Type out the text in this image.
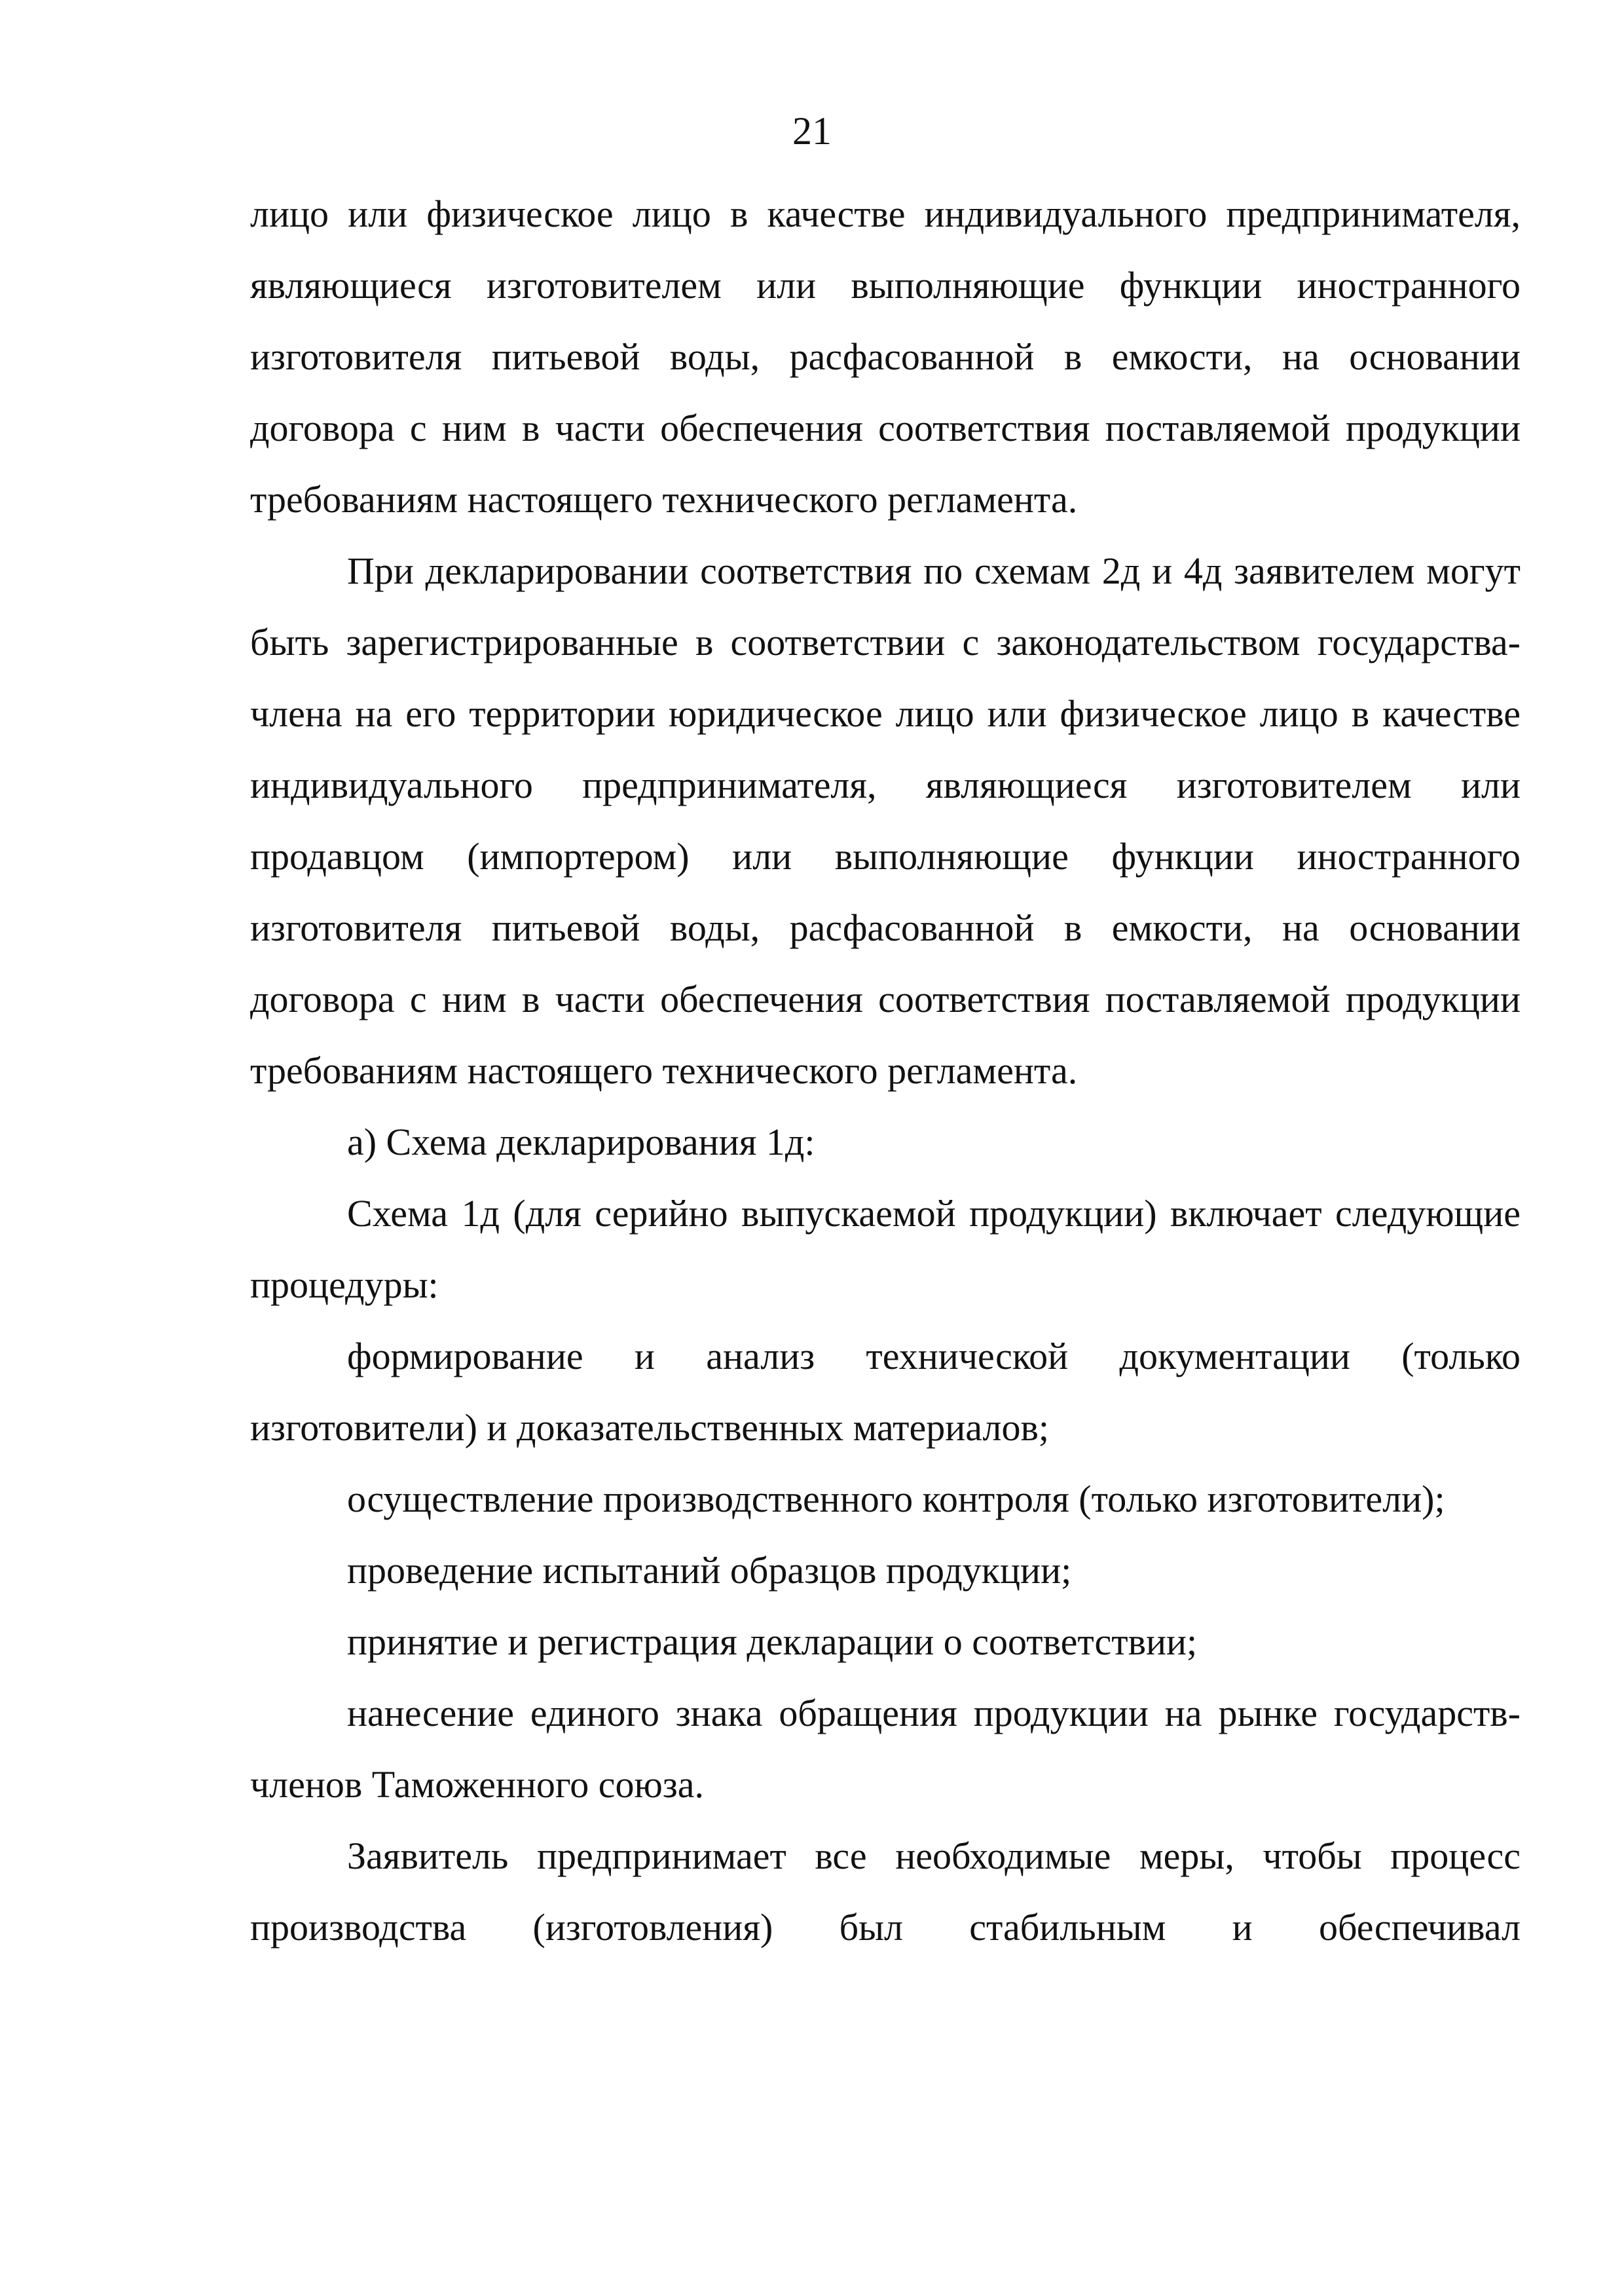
21

лицо или физическое лицо в качестве индивидуального предпринимателя, являющиеся изготовителем или выполняющие функции иностранного изготовителя питьевой воды, расфасованной в емкости, на основании договора с ним в части обеспечения соответствия поставляемой продукции требованиям настоящего технического регламента.

При декларировании соответствия по схемам 2д и 4д заявителем могут быть зарегистрированные в соответствии с законодательством государства-члена на его территории юридическое лицо или физическое лицо в качестве индивидуального предпринимателя, являющиеся изготовителем или продавцом (импортером) или выполняющие функции иностранного изготовителя питьевой воды, расфасованной в емкости, на основании договора с ним в части обеспечения соответствия поставляемой продукции требованиям настоящего технического регламента.

а) Схема декларирования 1д:

Схема 1д (для серийно выпускаемой продукции) включает следующие процедуры:

формирование и анализ технической документации (только изготовители) и доказательственных материалов;

осуществление производственного контроля (только изготовители);

проведение испытаний образцов продукции;

принятие и регистрация декларации о соответствии;

нанесение единого знака обращения продукции на рынке государств-членов Таможенного союза.

Заявитель предпринимает все необходимые меры, чтобы процесс производства (изготовления) был стабильным и обеспечивал
